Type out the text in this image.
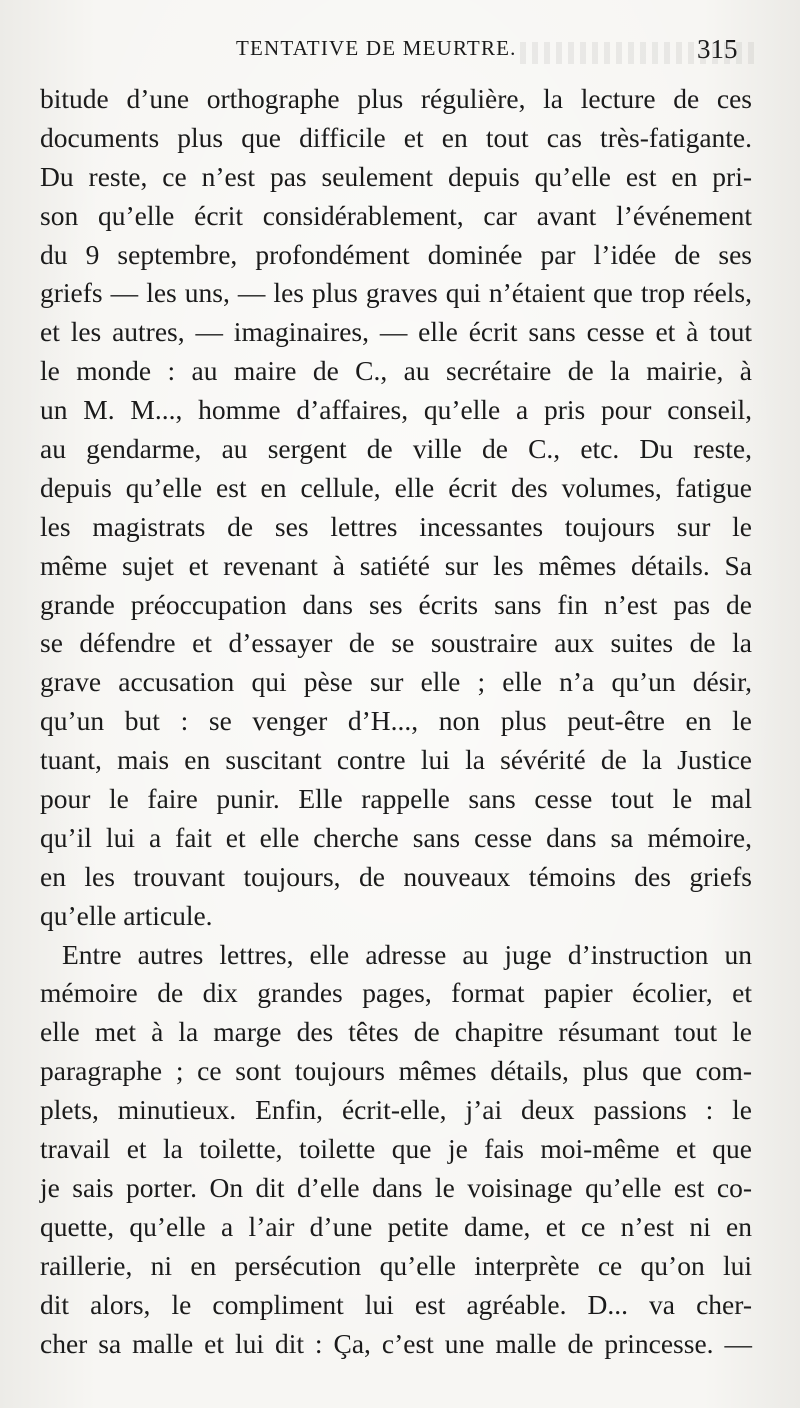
TENTATIVE DE MEURTRE.	315
bitude d’une orthographe plus régulière, la lecture de ces
documents plus que difficile et en tout cas très-fatigante.
Du reste, ce n’est pas seulement depuis qu’elle est en pri-
son qu’elle écrit considérablement, car avant l’événement
du 9 septembre, profondément dominée par l’idée de ses
griefs — les uns, — les plus graves qui n’étaient que trop réels,
et les autres, — imaginaires, — elle écrit sans cesse et à tout
le monde : au maire de C., au secrétaire de la mairie, à
un M. M..., homme d’affaires, qu’elle a pris pour conseil,
au gendarme, au sergent de ville de C., etc. Du reste,
depuis qu’elle est en cellule, elle écrit des volumes, fatigue
les magistrats de ses lettres incessantes toujours sur le
même sujet et revenant à satiété sur les mêmes détails. Sa
grande préoccupation dans ses écrits sans fin n’est pas de
se défendre et d’essayer de se soustraire aux suites de la
grave accusation qui pèse sur elle ; elle n’a qu’un désir,
qu’un but : se venger d’H..., non plus peut-être en le
tuant, mais en suscitant contre lui la sévérité de la Justice
pour le faire punir. Elle rappelle sans cesse tout le mal
qu’il lui a fait et elle cherche sans cesse dans sa mémoire,
en les trouvant toujours, de nouveaux témoins des griefs
qu’elle articule.
Entre autres lettres, elle adresse au juge d’instruction un
mémoire de dix grandes pages, format papier écolier, et
elle met à la marge des têtes de chapitre résumant tout le
paragraphe ; ce sont toujours mêmes détails, plus que com-
plets, minutieux. Enfin, écrit-elle, j’ai deux passions : le
travail et la toilette, toilette que je fais moi-même et que
je sais porter. On dit d’elle dans le voisinage qu’elle est co-
quette, qu’elle a l’air d’une petite dame, et ce n’est ni en
raillerie, ni en persécution qu’elle interprète ce qu’on lui
dit alors, le compliment lui est agréable. D... va cher-
cher sa malle et lui dit : Ça, c’est une malle de princesse. —
